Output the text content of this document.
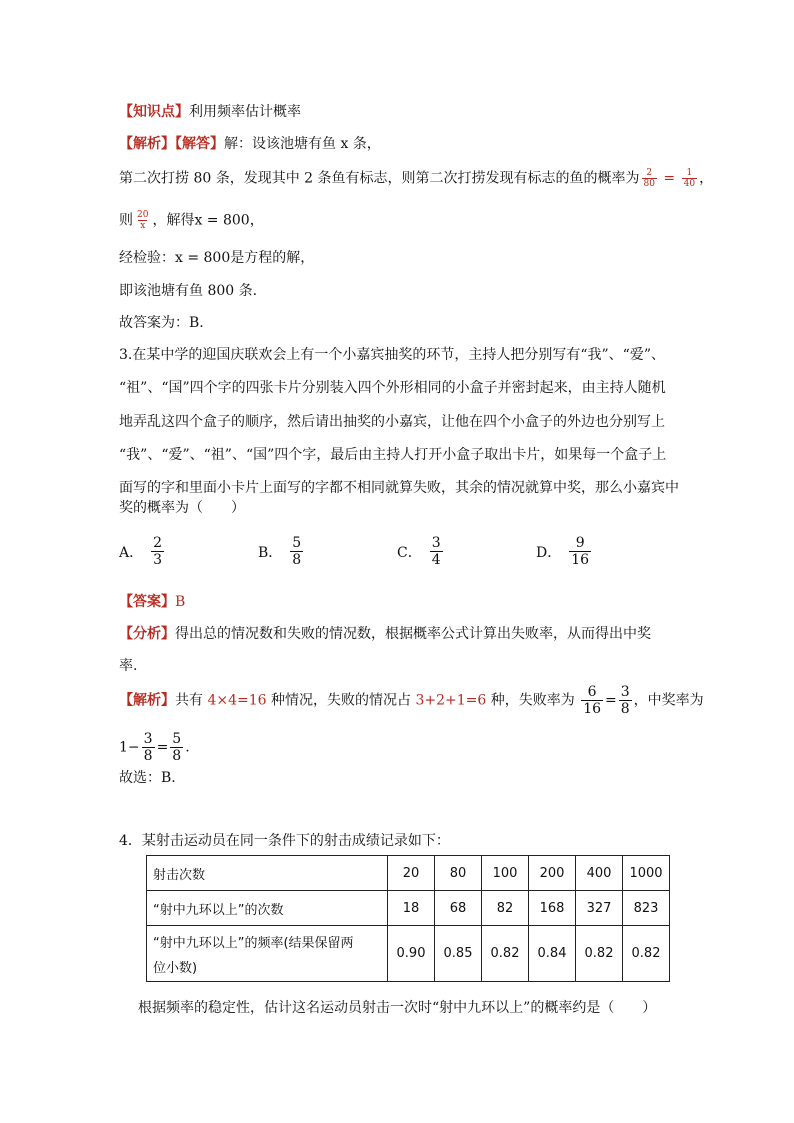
【知识点】利用频率估计概率
【解析】【解答】解：设该池塘有鱼 x 条，
第二次打捞 80 条，发现其中 2 条鱼有标志，则第二次打捞发现有标志的鱼的概率为 $\frac{2}{80} = \frac{1}{40}$ ，
则 $\frac{20}{x}$ ，解得x = 800，
经检验：x = 800是方程的解，
即该池塘有鱼 800 条.
故答案为：B.
3.在某中学的迎国庆联欢会上有一个小嘉宾抽奖的环节，主持人把分别写有“我”、“爱”、
“祖”、“国”四个字的四张卡片分别装入四个外形相同的小盒子并密封起来，由主持人随机
地弄乱这四个盒子的顺序，然后请出抽奖的小嘉宾，让他在四个小盒子的外边也分别写上
“我”、“爱”、“祖”、“国”四个字，最后由主持人打开小盒子取出卡片，如果每一个盒子上
面写的字和里面小卡片上面写的字都不相同就算失败，其余的情况就算中奖，那么小嘉宾中
奖的概率为（　　）
A． $\frac{2}{3}$	B． $\frac{5}{8}$	C． $\frac{3}{4}$	D． $\frac{9}{16}$
【答案】B
【分析】得出总的情况数和失败的情况数，根据概率公式计算出失败率，从而得出中奖
率.
【解析】共有 4×4=16 种情况，失败的情况占 3+2+1=6 种，失败率为 $\frac{6}{16} = \frac{3}{8}$ ，中奖率为
$1- \frac{3}{8} = \frac{5}{8}$ .
故选：B.
4．某射击运动员在同一条件下的射击成绩记录如下：
射击次数	20	80	100	200	400	1000
“射中九环以上”的次数	18	68	82	168	327	823

“射中九环以上”的频率(结果保留两
位小数)	0.90	0.85	0.82	0.84	0.82	0.82
根据频率的稳定性，估计这名运动员射击一次时“射中九环以上”的概率约是（　　）
